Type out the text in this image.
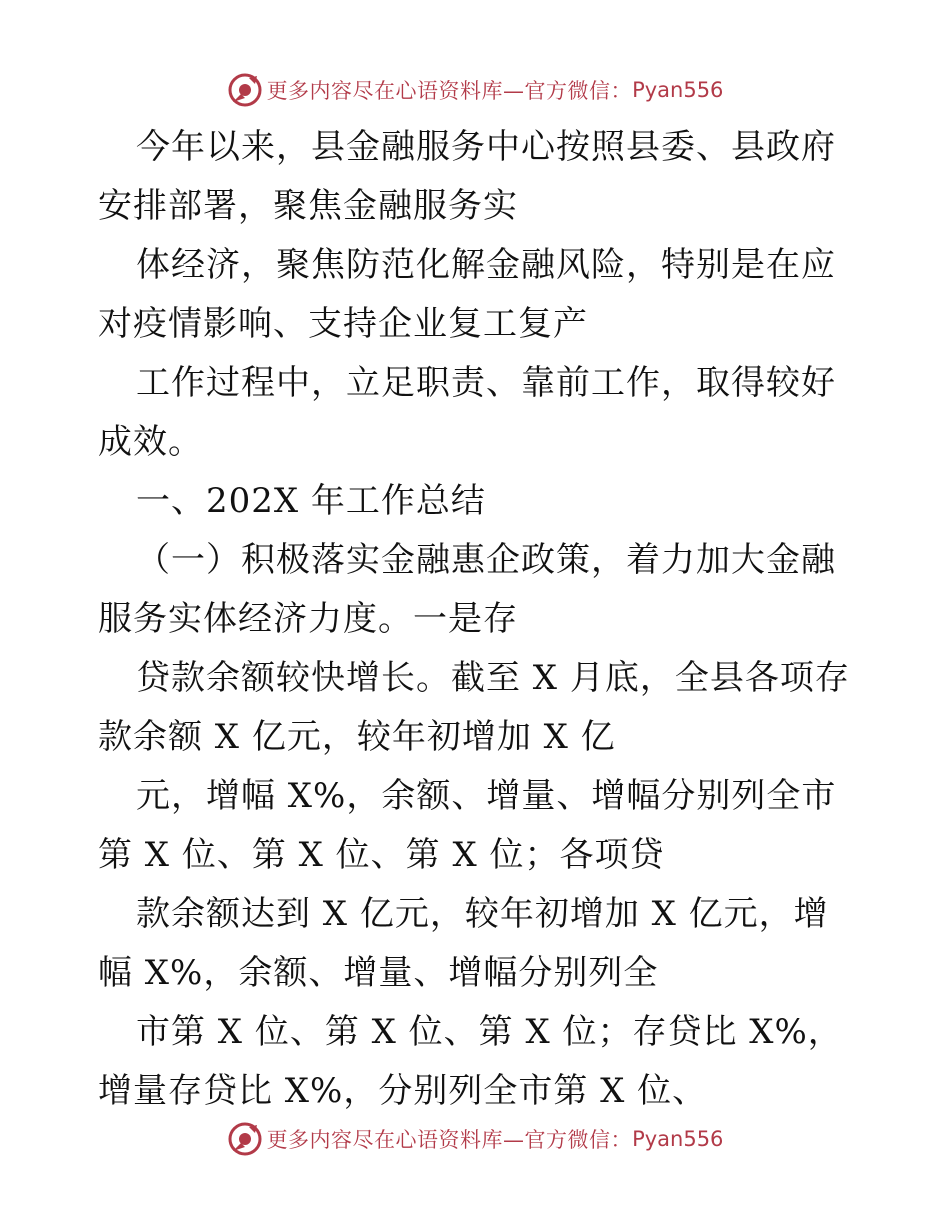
更多内容尽在心语资料库—官方微信： Pyan556

今年以来，县金融服务中心按照县委、县政府安排部署，聚焦金融服务实

体经济，聚焦防范化解金融风险，特别是在应对疫情影响、支持企业复工复产

工作过程中，立足职责、靠前工作，取得较好成效。

一、202X 年工作总结

（一）积极落实金融惠企政策，着力加大金融服务实体经济力度。一是存

贷款余额较快增长。截至 X 月底，全县各项存款余额 X 亿元，较年初增加 X 亿

元，增幅 X%，余额、增量、增幅分别列全市第 X 位、第 X 位、第 X 位；各项贷

款余额达到 X 亿元，较年初增加 X 亿元，增幅 X%，余额、增量、增幅分别列全

市第 X 位、第 X 位、第 X 位；存贷比 X%，增量存贷比 X%，分别列全市第 X 位、

更多内容尽在心语资料库—官方微信： Pyan556
